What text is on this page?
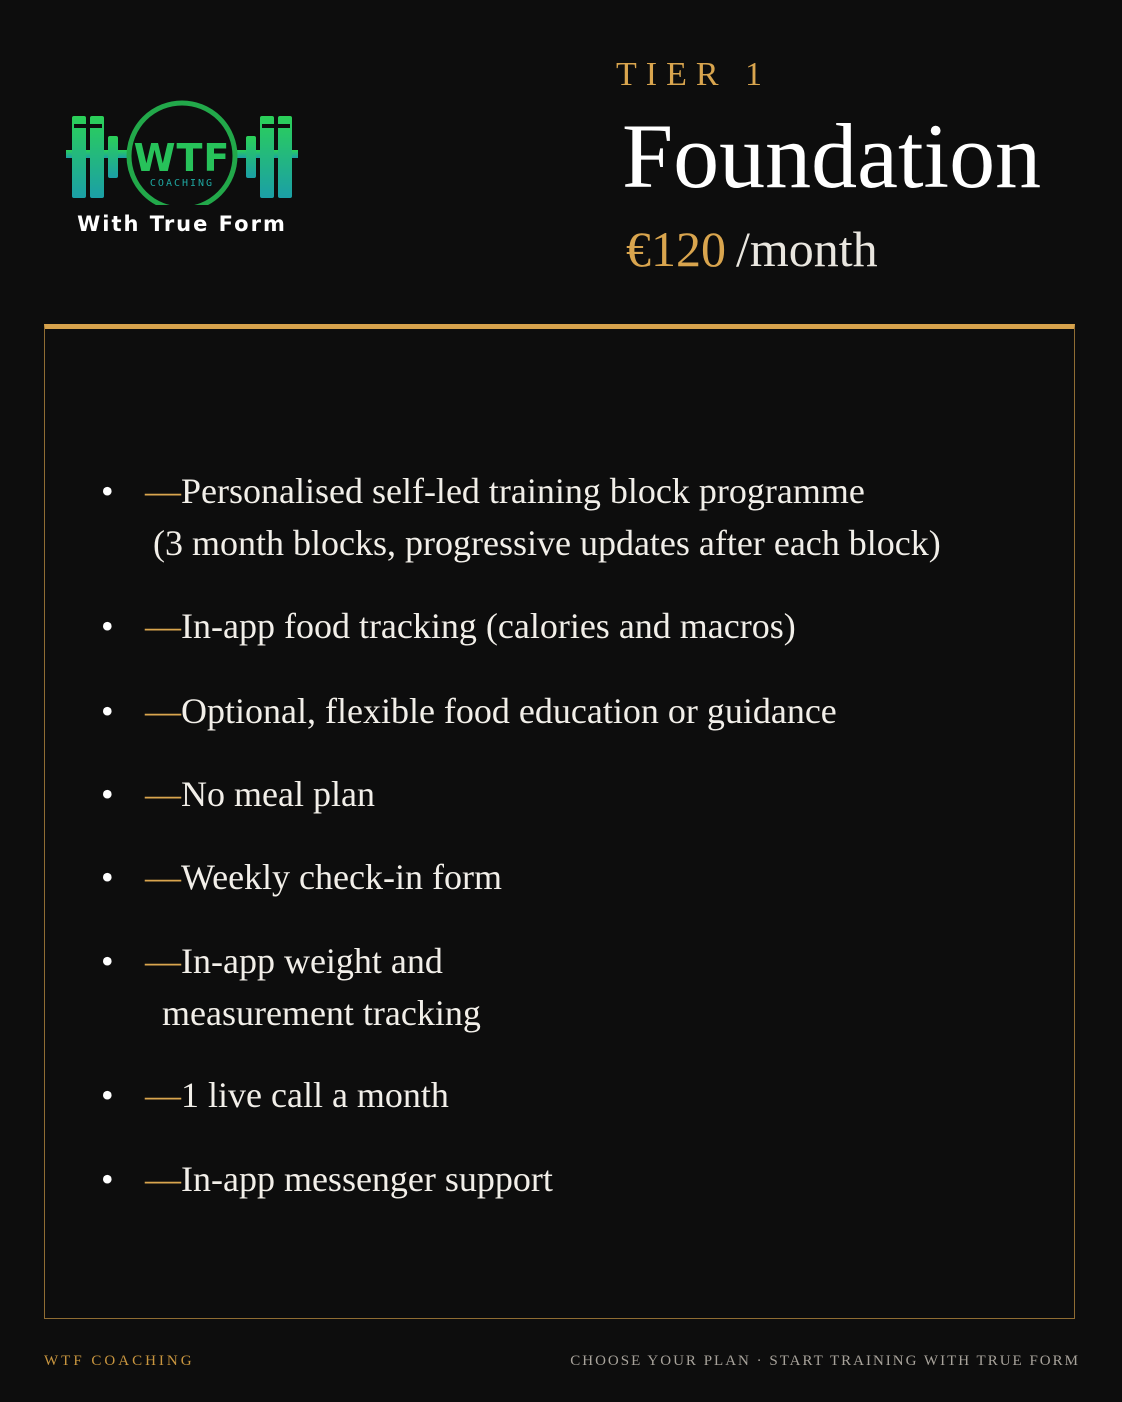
WTF
COACHING
With True Form
TIER 1
Foundation
€120 /month
• — Personalised self-led training block programme
(3 month blocks, progressive updates after each block)
• — In-app food tracking (calories and macros)
• — Optional, flexible food education or guidance
• — No meal plan
• — Weekly check-in form
• — In-app weight and
measurement tracking
• — 1 live call a month
• — In-app messenger support
WTF COACHING	CHOOSE YOUR PLAN · START TRAINING WITH TRUE FORM
